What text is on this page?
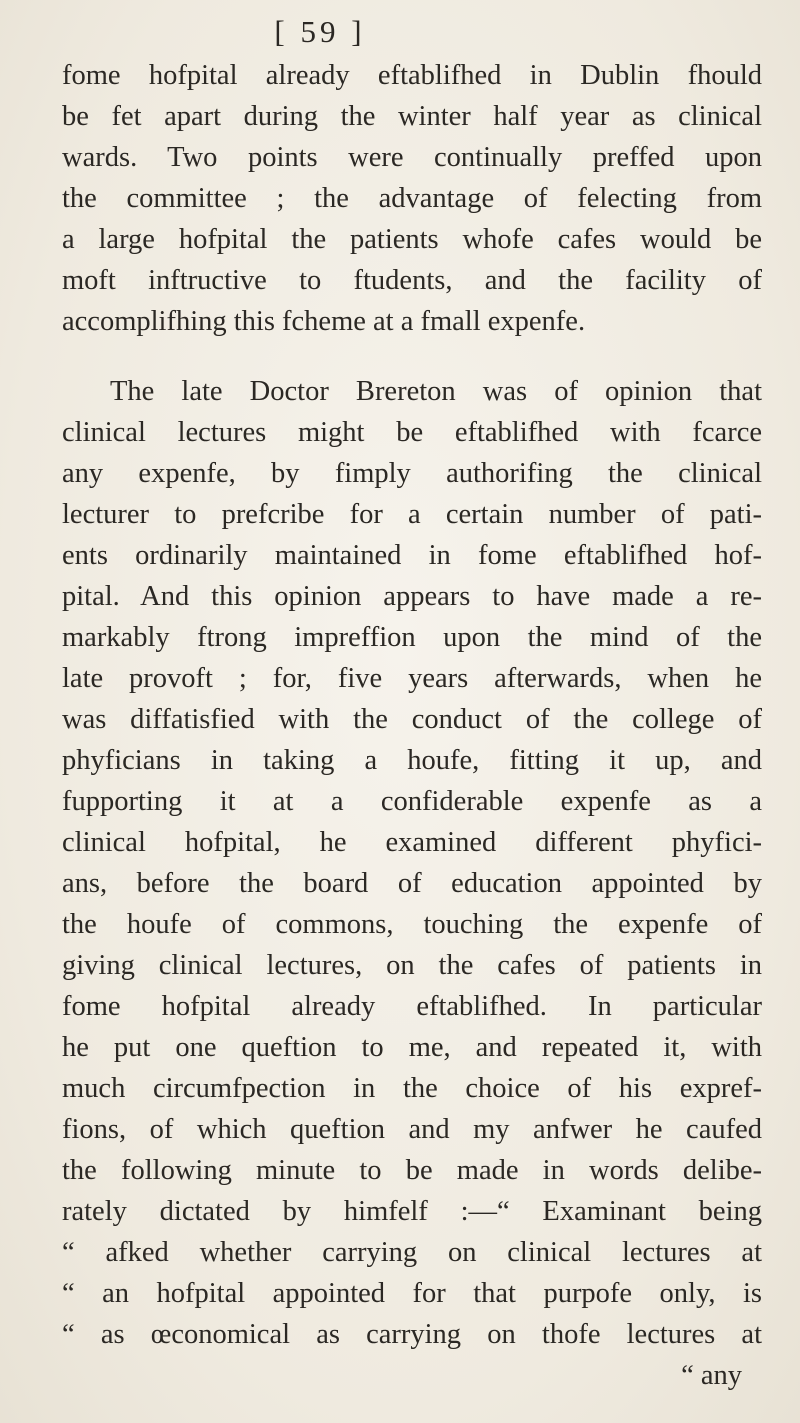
[ 59 ]
fome hofpital already eftablifhed in Dublin fhould
be fet apart during the winter half year as clinical
wards. Two points were continually preffed upon
the committee ; the advantage of felecting from
a large hofpital the patients whofe cafes would be
moft inftructive to ftudents, and the facility of
accomplifhing this fcheme at a fmall expenfe.
The late Doctor Brereton was of opinion that
clinical lectures might be eftablifhed with fcarce
any expenfe, by fimply authorifing the clinical
lecturer to prefcribe for a certain number of pati-
ents ordinarily maintained in fome eftablifhed hof-
pital. And this opinion appears to have made a re-
markably ftrong impreffion upon the mind of the
late provoft ; for, five years afterwards, when he
was diffatisfied with the conduct of the college of
phyficians in taking a houfe, fitting it up, and
fupporting it at a confiderable expenfe as a
clinical hofpital, he examined different phyfici-
ans, before the board of education appointed by
the houfe of commons, touching the expenfe of
giving clinical lectures, on the cafes of patients in
fome hofpital already eftablifhed. In particular
he put one queftion to me, and repeated it, with
much circumfpection in the choice of his expref-
fions, of which queftion and my anfwer he caufed
the following minute to be made in words delibe-
rately dictated by himfelf :—“ Examinant being
“ afked whether carrying on clinical lectures at
“ an hofpital appointed for that purpofe only, is
“ as œconomical as carrying on thofe lectures at
“ any
